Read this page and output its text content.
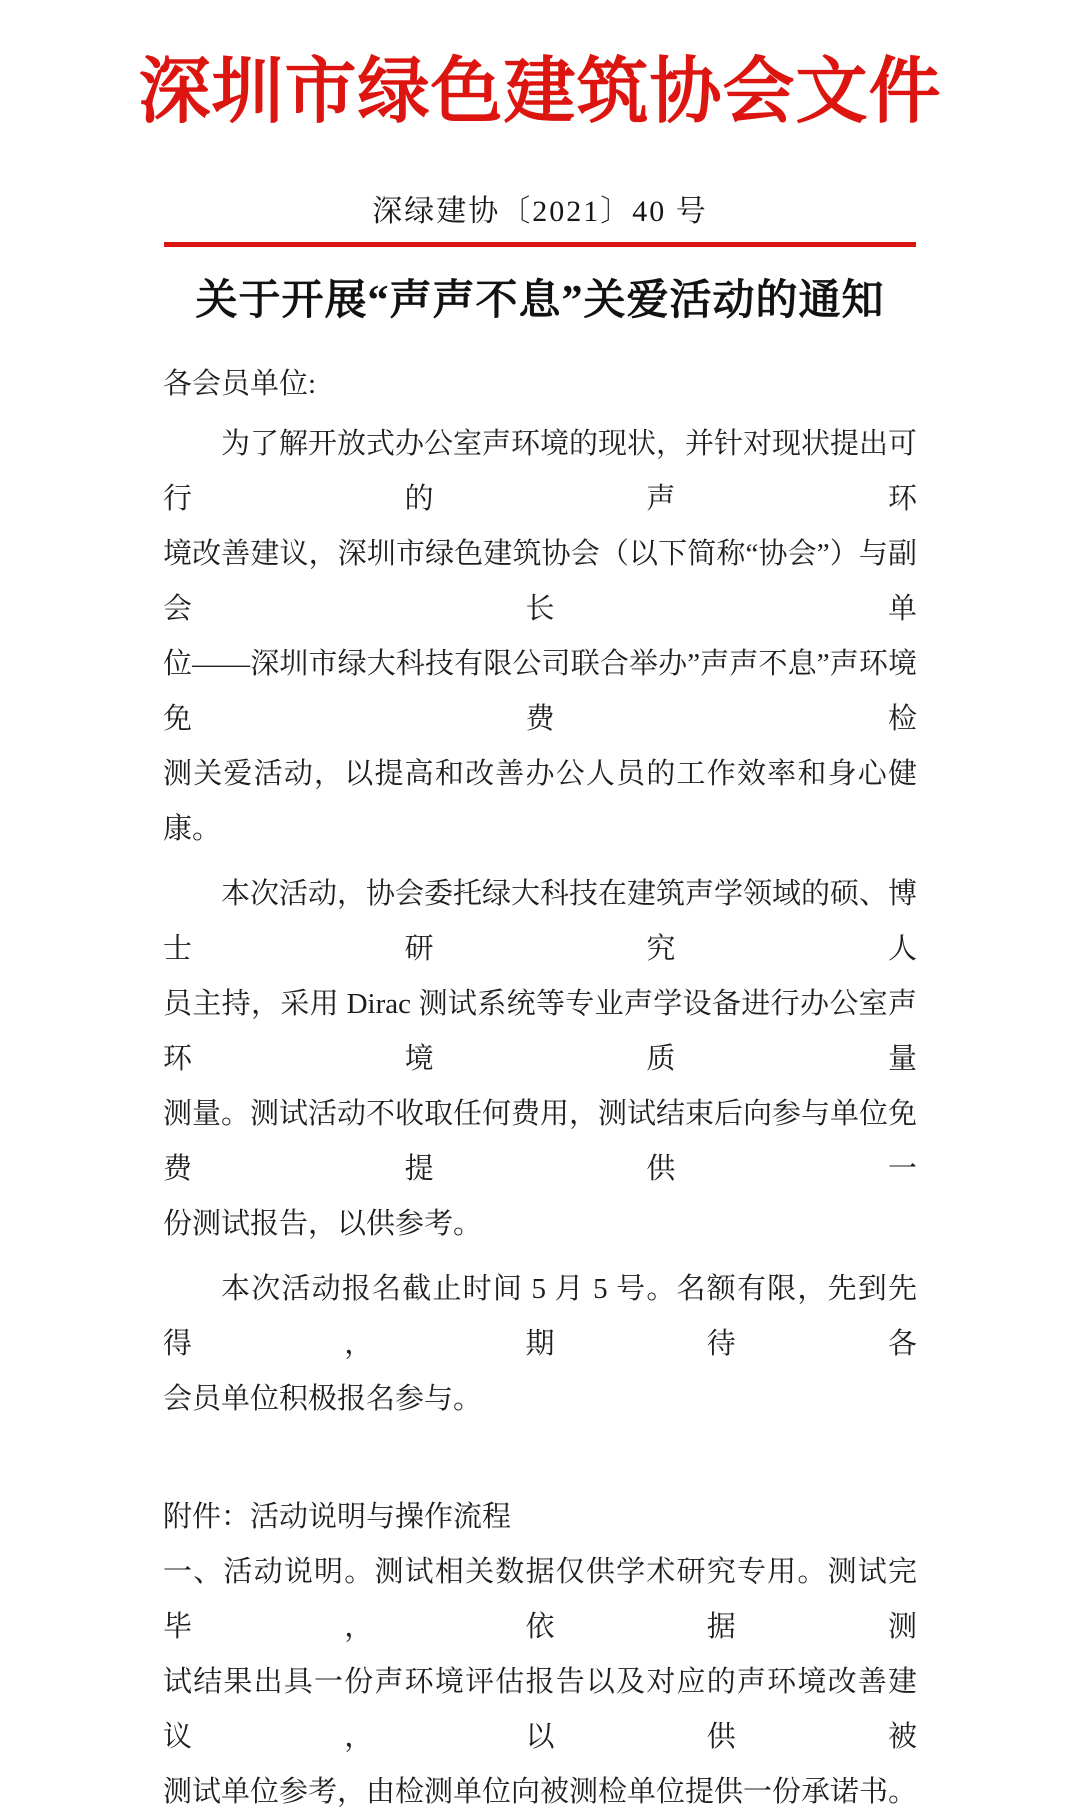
深圳市绿色建筑协会文件
深绿建协〔2021〕40 号
关于开展“声声不息”关爱活动的通知
各会员单位:
为了解开放式办公室声环境的现状，并针对现状提出可行的声环
境改善建议，深圳市绿色建筑协会（以下简称“协会”）与副会长单
位——深圳市绿大科技有限公司联合举办”声声不息”声环境免费检
测关爱活动，以提高和改善办公人员的工作效率和身心健康。
本次活动，协会委托绿大科技在建筑声学领域的硕、博士研究人
员主持，采用 Dirac 测试系统等专业声学设备进行办公室声环境质量
测量。测试活动不收取任何费用，测试结束后向参与单位免费提供一
份测试报告，以供参考。
本次活动报名截止时间 5 月 5 号。名额有限，先到先得，期待各
会员单位积极报名参与。
附件：活动说明与操作流程
一、活动说明。测试相关数据仅供学术研究专用。测试完毕，依据测
试结果出具一份声环境评估报告以及对应的声环境改善建议，以供被
测试单位参考，由检测单位向被测检单位提供一份承诺书。
